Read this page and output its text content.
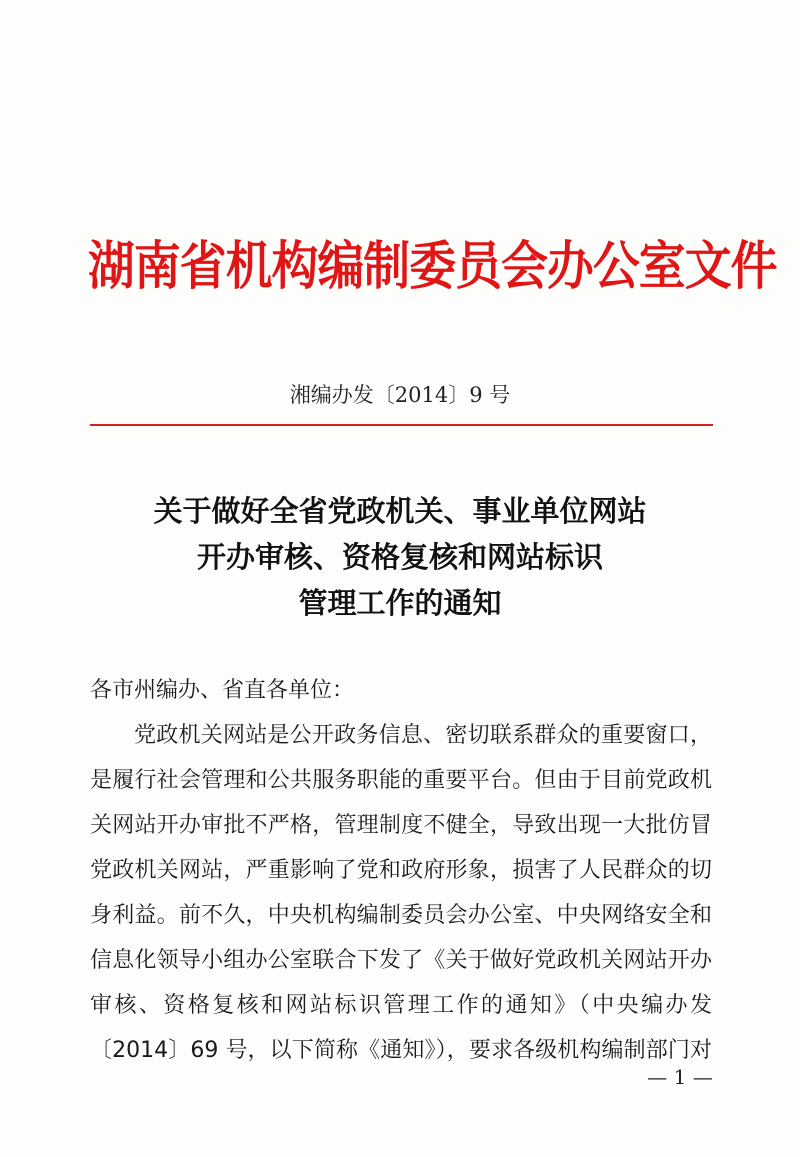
湖南省机构编制委员会办公室文件
湘编办发〔2014〕9 号
关于做好全省党政机关、事业单位网站
开办审核、资格复核和网站标识
管理工作的通知
各市州编办、省直各单位：
党政机关网站是公开政务信息、密切联系群众的重要窗口，
是履行社会管理和公共服务职能的重要平台。但由于目前党政机
关网站开办审批不严格，管理制度不健全，导致出现一大批仿冒
党政机关网站，严重影响了党和政府形象，损害了人民群众的切
身利益。前不久，中央机构编制委员会办公室、中央网络安全和
信息化领导小组办公室联合下发了《关于做好党政机关网站开办
审核、资格复核和网站标识管理工作的通知》（中央编办发
〔2014〕69 号，以下简称《通知》），要求各级机构编制部门对
— 1 —
